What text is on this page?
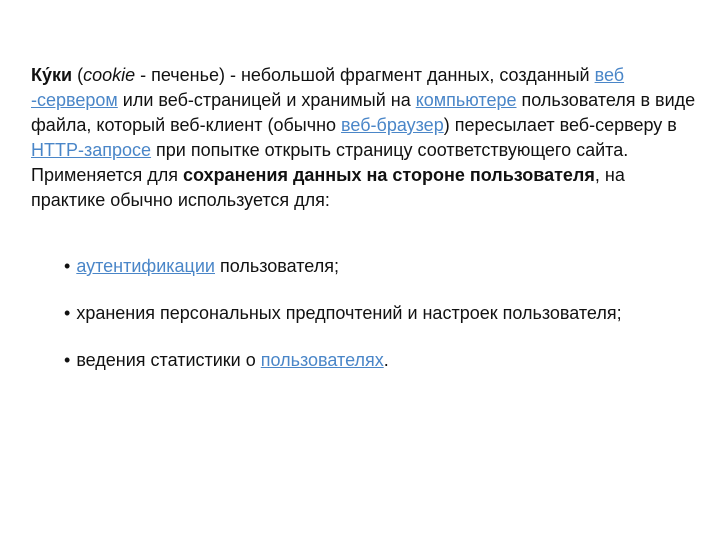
Ку́ки (cookie - печенье) - небольшой фрагмент данных, созданный веб -сервером или веб-страницей и хранимый на компьютере пользователя в виде файла, который веб-клиент (обычно веб-браузер) пересылает веб-серверу в HTTP-запросе при попытке открыть страницу соответствующего сайта. Применяется для сохранения данных на стороне пользователя, на практике обычно используется для:

• аутентификации пользователя;
• хранения персональных предпочтений и настроек пользователя;
• ведения статистики о пользователях.
